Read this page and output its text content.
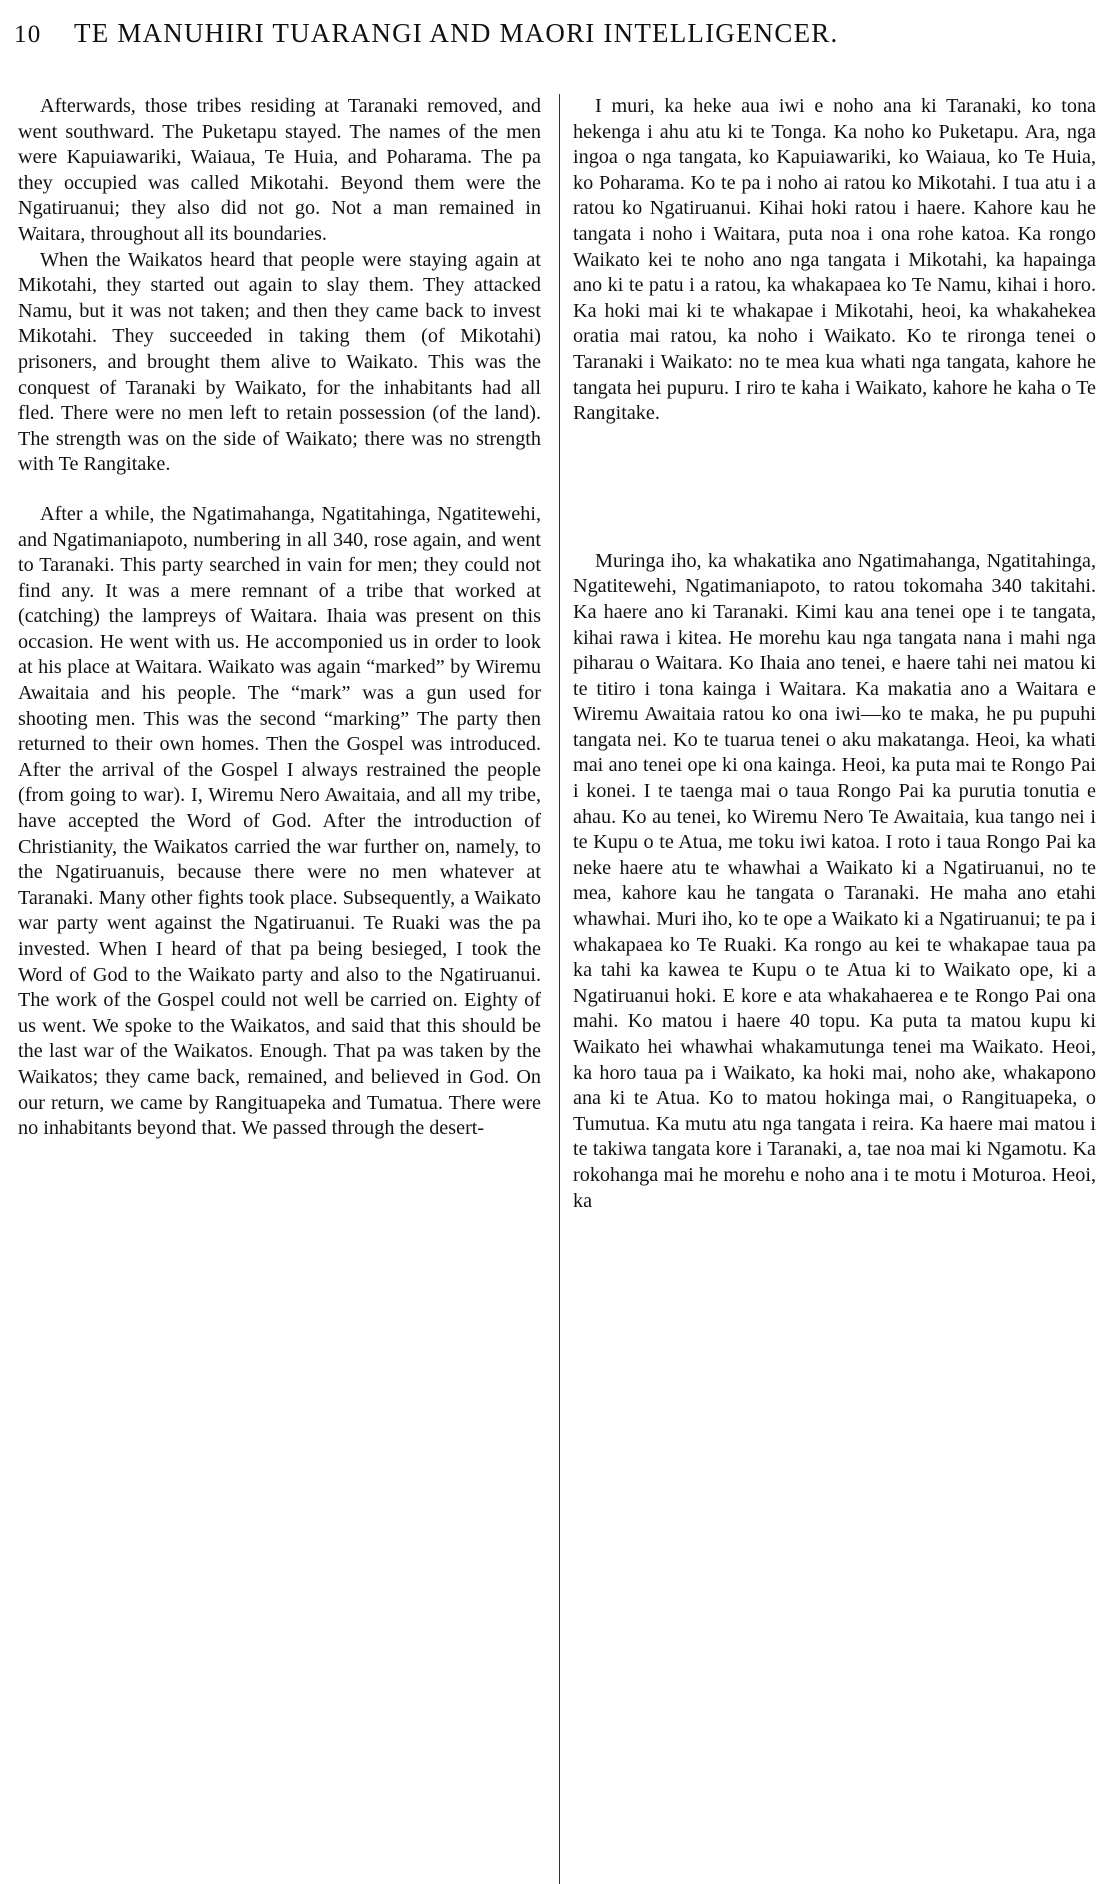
10	TE MANUHIRI TUARANGI AND MAORI INTELLIGENCER.

Afterwards, those tribes residing at Taranaki removed, and went southward. The Puketapu stayed. The names of the men were Kapuiawariki, Waiaua, Te Huia, and Poharama. The pa they occupied was called Mikotahi. Beyond them were the Ngatiruanui; they also did not go. Not a man remained in Waitara, throughout all its boundaries.

When the Waikatos heard that people were staying again at Mikotahi, they started out again to slay them. They attacked Namu, but it was not taken; and then they came back to invest Mikotahi. They succeeded in taking them (of Mikotahi) prisoners, and brought them alive to Waikato. This was the conquest of Taranaki by Waikato, for the inhabitants had all fled. There were no men left to retain possession (of the land). The strength was on the side of Waikato; there was no strength with Te Rangitake.

After a while, the Ngatimahanga, Ngatitahinga, Ngatitewehi, and Ngatimaniapoto, numbering in all 340, rose again, and went to Taranaki. This party searched in vain for men; they could not find any. It was a mere remnant of a tribe that worked at (catching) the lampreys of Waitara. Ihaia was present on this occasion. He went with us. He accomponied us in order to look at his place at Waitara. Waikato was again “marked” by Wiremu Awaitaia and his people. The “mark” was a gun used for shooting men. This was the second “marking” The party then returned to their own homes. Then the Gospel was introduced. After the arrival of the Gospel I always restrained the people (from going to war). I, Wiremu Nero Awaitaia, and all my tribe, have accepted the Word of God. After the introduction of Christianity, the Waikatos carried the war further on, namely, to the Ngatiruanuis, because there were no men whatever at Taranaki. Many other fights took place. Subsequently, a Waikato war party went against the Ngatiruanui. Te Ruaki was the pa invested. When I heard of that pa being besieged, I took the Word of God to the Waikato party and also to the Ngatiruanui. The work of the Gospel could not well be carried on. Eighty of us went. We spoke to the Waikatos, and said that this should be the last war of the Waikatos. Enough. That pa was taken by the Waikatos; they came back, remained, and believed in God. On our return, we came by Rangituapeka and Tumatua. There were no inhabitants beyond that. We passed through the desert-

I muri, ka heke aua iwi e noho ana ki Taranaki, ko tona hekenga i ahu atu ki te Tonga. Ka noho ko Puketapu. Ara, nga ingoa o nga tangata, ko Kapuiawariki, ko Waiaua, ko Te Huia, ko Poharama. Ko te pa i noho ai ratou ko Mikotahi. I tua atu i a ratou ko Ngatiruanui. Kihai hoki ratou i haere. Kahore kau he tangata i noho i Waitara, puta noa i ona rohe katoa. Ka rongo Waikato kei te noho ano nga tangata i Mikotahi, ka hapainga ano ki te patu i a ratou, ka whakapaea ko Te Namu, kihai i horo. Ka hoki mai ki te whakapae i Mikotahi, heoi, ka whakahekea oratia mai ratou, ka noho i Waikato. Ko te rironga tenei o Taranaki i Waikato: no te mea kua whati nga tangata, kahore he tangata hei pupuru. I riro te kaha i Waikato, kahore he kaha o Te Rangitake.

Muringa iho, ka whakatika ano Ngatimahanga, Ngatitahinga, Ngatitewehi, Ngatimaniapoto, to ratou tokomaha 340 takitahi. Ka haere ano ki Taranaki. Kimi kau ana tenei ope i te tangata, kihai rawa i kitea. He morehu kau nga tangata nana i mahi nga piharau o Waitara. Ko Ihaia ano tenei, e haere tahi nei matou ki te titiro i tona kainga i Waitara. Ka makatia ano a Waitara e Wiremu Awaitaia ratou ko ona iwi—ko te maka, he pu pupuhi tangata nei. Ko te tuarua tenei o aku makatanga. Heoi, ka whati mai ano tenei ope ki ona kainga. Heoi, ka puta mai te Rongo Pai i konei. I te taenga mai o taua Rongo Pai ka purutia tonutia e ahau. Ko au tenei, ko Wiremu Nero Te Awaitaia, kua tango nei i te Kupu o te Atua, me toku iwi katoa. I roto i taua Rongo Pai ka neke haere atu te whawhai a Waikato ki a Ngatiruanui, no te mea, kahore kau he tangata o Taranaki. He maha ano etahi whawhai. Muri iho, ko te ope a Waikato ki a Ngatiruanui; te pa i whakapaea ko Te Ruaki. Ka rongo au kei te whakapae taua pa ka tahi ka kawea te Kupu o te Atua ki to Waikato ope, ki a Ngatiruanui hoki. E kore e ata whakahaerea e te Rongo Pai ona mahi. Ko matou i haere 40 topu. Ka puta ta matou kupu ki Waikato hei whawhai whakamutunga tenei ma Waikato. Heoi, ka horo taua pa i Waikato, ka hoki mai, noho ake, whakapono ana ki te Atua. Ko to matou hokinga mai, o Rangituapeka, o Tumutua. Ka mutu atu nga tangata i reira. Ka haere mai matou i te takiwa tangata kore i Taranaki, a, tae noa mai ki Ngamotu. Ka rokohanga mai he morehu e noho ana i te motu i Moturoa. Heoi, ka
